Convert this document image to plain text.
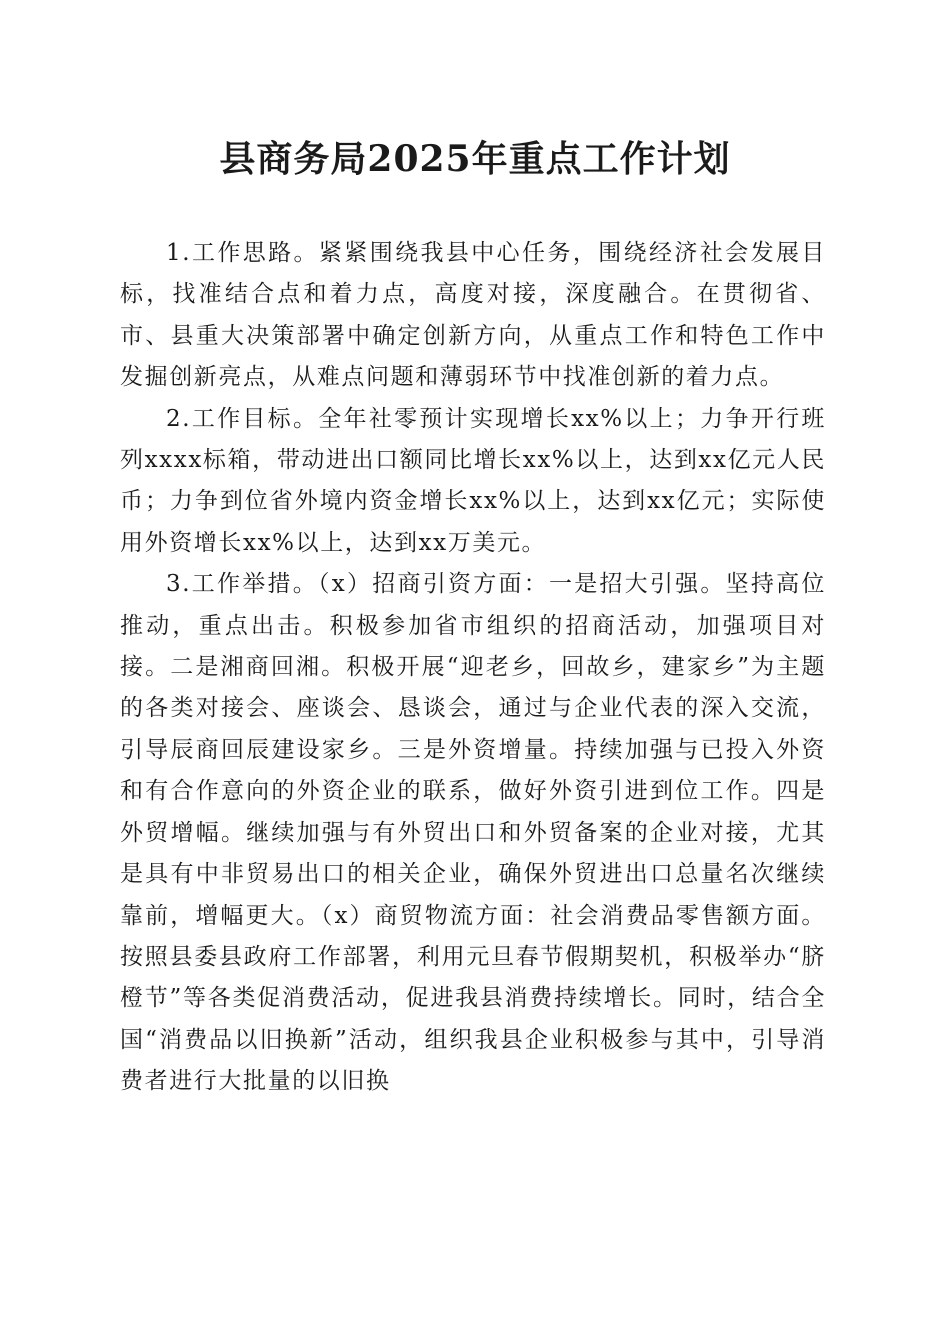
县商务局2025年重点工作计划

1.工作思路。紧紧围绕我县中心任务，围绕经济社会发展目标，找准结合点和着力点，高度对接，深度融合。在贯彻省、市、县重大决策部署中确定创新方向，从重点工作和特色工作中发掘创新亮点，从难点问题和薄弱环节中找准创新的着力点。

2.工作目标。全年社零预计实现增长xx%以上；力争开行班列xxxx标箱，带动进出口额同比增长xx%以上，达到xx亿元人民币；力争到位省外境内资金增长xx%以上，达到xx亿元；实际使用外资增长xx%以上，达到xx万美元。

3.工作举措。（x）招商引资方面：一是招大引强。坚持高位推动，重点出击。积极参加省市组织的招商活动，加强项目对接。二是湘商回湘。积极开展“迎老乡，回故乡，建家乡”为主题的各类对接会、座谈会、恳谈会，通过与企业代表的深入交流，引导辰商回辰建设家乡。三是外资增量。持续加强与已投入外资和有合作意向的外资企业的联系，做好外资引进到位工作。四是外贸增幅。继续加强与有外贸出口和外贸备案的企业对接，尤其是具有中非贸易出口的相关企业，确保外贸进出口总量名次继续靠前，增幅更大。（x）商贸物流方面：社会消费品零售额方面。按照县委县政府工作部署，利用元旦春节假期契机，积极举办“脐橙节”等各类促消费活动，促进我县消费持续增长。同时，结合全国“消费品以旧换新”活动，组织我县企业积极参与其中，引导消费者进行大批量的以旧换
